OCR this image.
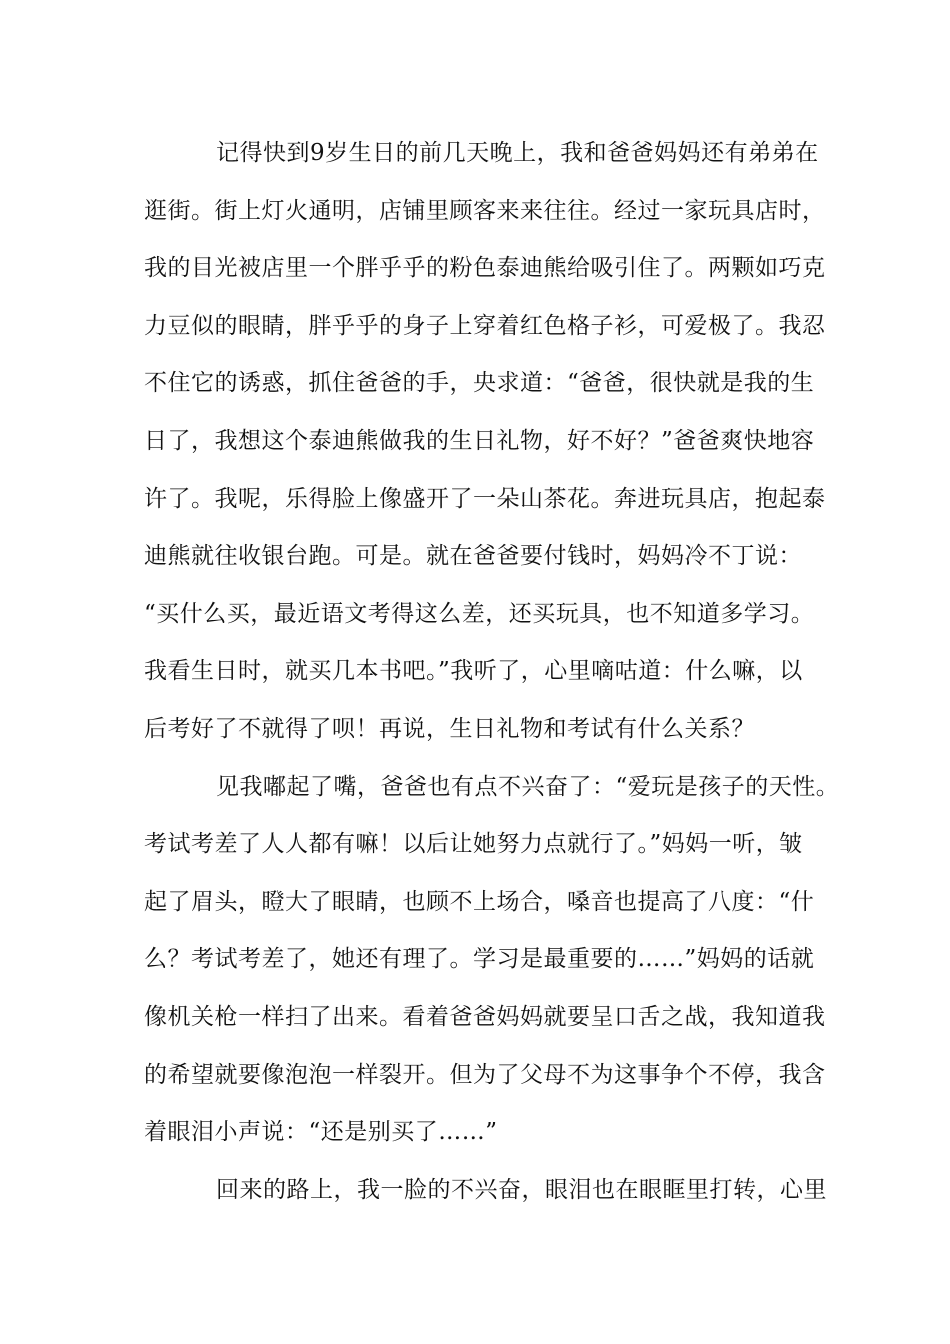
记得快到9岁生日的前几天晚上，我和爸爸妈妈还有弟弟在
逛街。街上灯火通明，店铺里顾客来来往往。经过一家玩具店时，
我的目光被店里一个胖乎乎的粉色泰迪熊给吸引住了。两颗如巧克
力豆似的眼睛，胖乎乎的身子上穿着红色格子衫，可爱极了。我忍
不住它的诱惑，抓住爸爸的手，央求道：“爸爸，很快就是我的生
日了，我想这个泰迪熊做我的生日礼物，好不好？”爸爸爽快地容
许了。我呢，乐得脸上像盛开了一朵山茶花。奔进玩具店，抱起泰
迪熊就往收银台跑。可是。就在爸爸要付钱时，妈妈冷不丁说：
“买什么买，最近语文考得这么差，还买玩具，也不知道多学习。
我看生日时，就买几本书吧。”我听了，心里嘀咕道：什么嘛，以
后考好了不就得了呗！再说，生日礼物和考试有什么关系？
见我嘟起了嘴，爸爸也有点不兴奋了：“爱玩是孩子的天性。
考试考差了人人都有嘛！以后让她努力点就行了。”妈妈一听，皱
起了眉头，瞪大了眼睛，也顾不上场合，嗓音也提高了八度：“什
么？考试考差了，她还有理了。学习是最重要的……”妈妈的话就
像机关枪一样扫了出来。看着爸爸妈妈就要呈口舌之战，我知道我
的希望就要像泡泡一样裂开。但为了父母不为这事争个不停，我含
着眼泪小声说：“还是别买了……”
回来的路上，我一脸的不兴奋，眼泪也在眼眶里打转，心里
